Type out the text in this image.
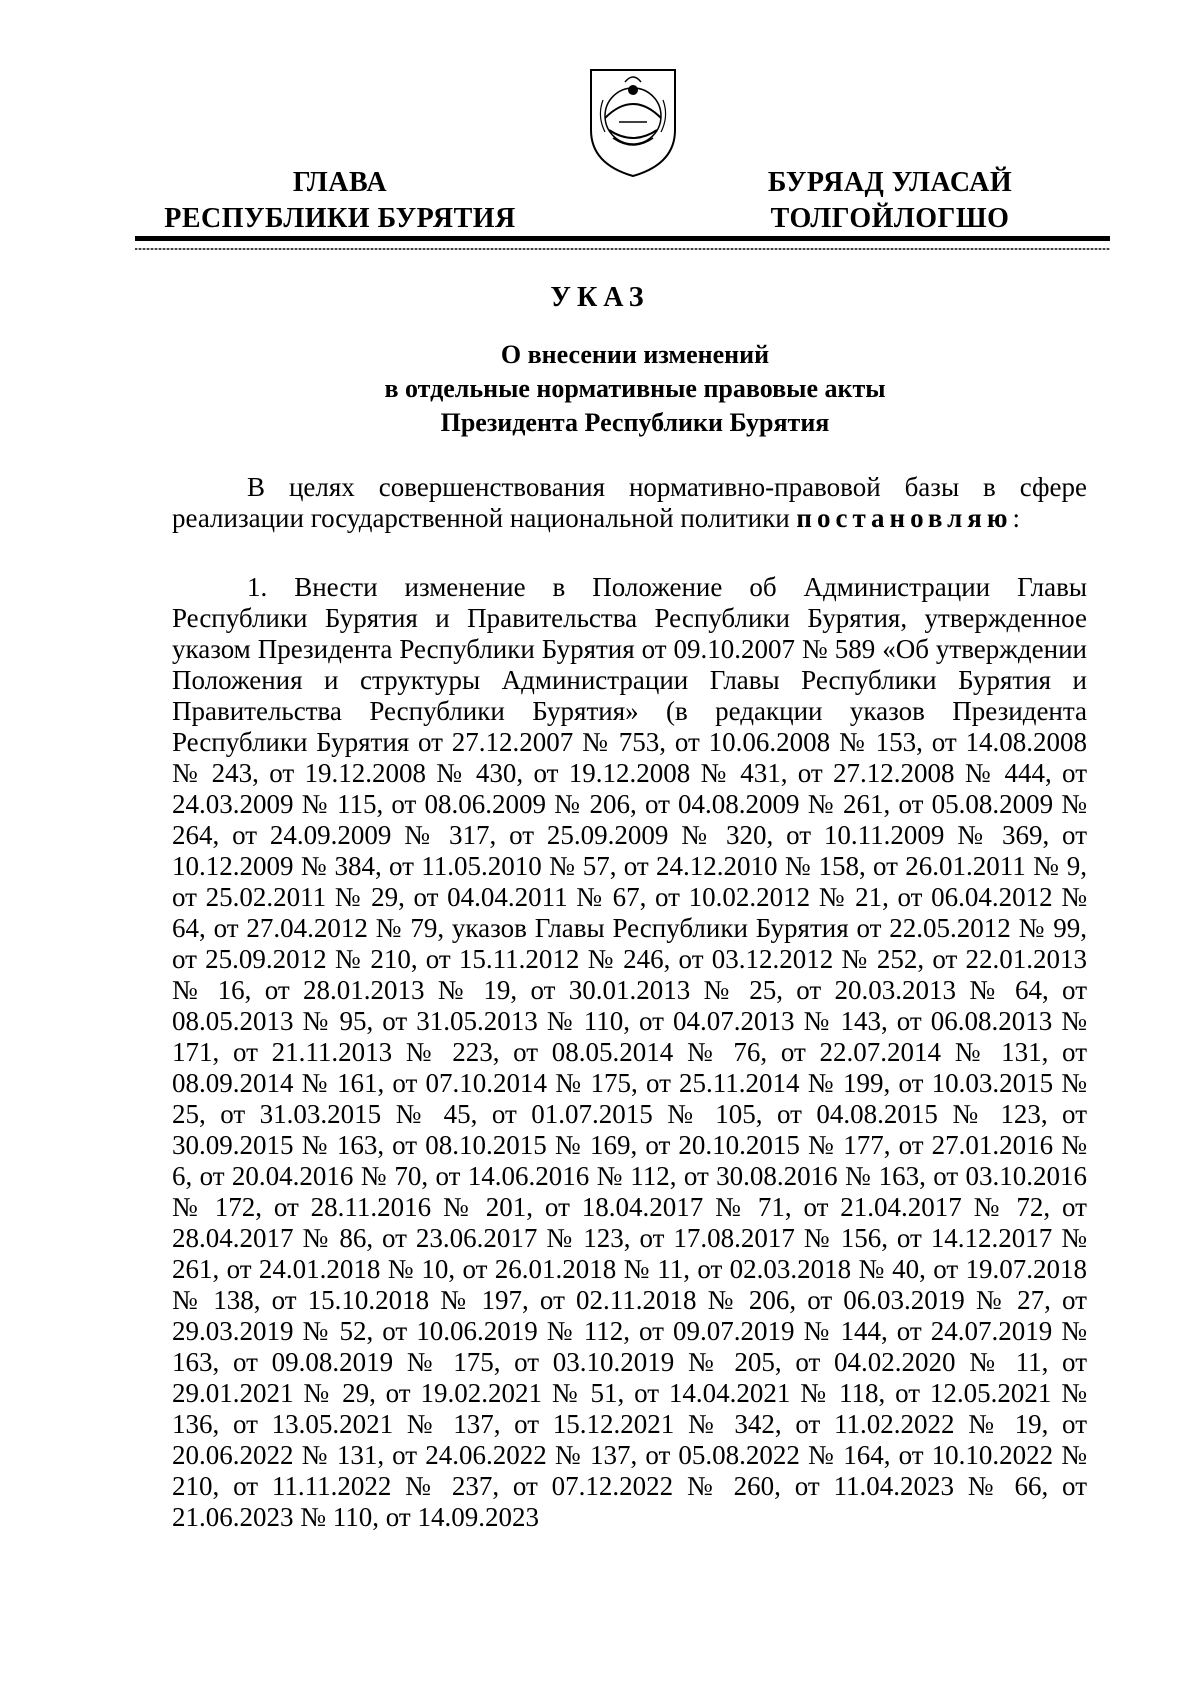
ГЛАВА
РЕСПУБЛИКИ БУРЯТИЯ
БУРЯАД УЛАСАЙ
ТОЛГОЙЛОГШО
УКАЗ
О внесении изменений
в отдельные нормативные правовые акты
Президента Республики Бурятия

В целях совершенствования нормативно-правовой базы в сфере реализации государственной национальной политики постановляю:

1. Внести изменение в Положение об Администрации Главы Республики Бурятия и Правительства Республики Бурятия, утвержденное указом Президента Республики Бурятия от 09.10.2007 № 589 «Об утверждении Положения и структуры Администрации Главы Республики Бурятия и Правительства Республики Бурятия» (в редакции указов Президента Республики Бурятия от 27.12.2007 № 753, от 10.06.2008 № 153, от 14.08.2008 № 243, от 19.12.2008 № 430, от 19.12.2008 № 431, от 27.12.2008 № 444, от 24.03.2009 № 115, от 08.06.2009 № 206, от 04.08.2009 № 261, от 05.08.2009 № 264, от 24.09.2009 № 317, от 25.09.2009 № 320, от 10.11.2009 № 369, от 10.12.2009 № 384, от 11.05.2010 № 57, от 24.12.2010 № 158, от 26.01.2011 № 9, от 25.02.2011 № 29, от 04.04.2011 № 67, от 10.02.2012 № 21, от 06.04.2012 № 64, от 27.04.2012 № 79, указов Главы Республики Бурятия от 22.05.2012 № 99, от 25.09.2012 № 210, от 15.11.2012 № 246, от 03.12.2012 № 252, от 22.01.2013 № 16, от 28.01.2013 № 19, от 30.01.2013 № 25, от 20.03.2013 № 64, от 08.05.2013 № 95, от 31.05.2013 № 110, от 04.07.2013 № 143, от 06.08.2013 № 171, от 21.11.2013 № 223, от 08.05.2014 № 76, от 22.07.2014 № 131, от 08.09.2014 № 161, от 07.10.2014 № 175, от 25.11.2014 № 199, от 10.03.2015 № 25, от 31.03.2015 № 45, от 01.07.2015 № 105, от 04.08.2015 № 123, от 30.09.2015 № 163, от 08.10.2015 № 169, от 20.10.2015 № 177, от 27.01.2016 № 6, от 20.04.2016 № 70, от 14.06.2016 № 112, от 30.08.2016 № 163, от 03.10.2016 № 172, от 28.11.2016 № 201, от 18.04.2017 № 71, от 21.04.2017 № 72, от 28.04.2017 № 86, от 23.06.2017 № 123, от 17.08.2017 № 156, от 14.12.2017 № 261, от 24.01.2018 № 10, от 26.01.2018 № 11, от 02.03.2018 № 40, от 19.07.2018 № 138, от 15.10.2018 № 197, от 02.11.2018 № 206, от 06.03.2019 № 27, от 29.03.2019 № 52, от 10.06.2019 № 112, от 09.07.2019 № 144, от 24.07.2019 № 163, от 09.08.2019 № 175, от 03.10.2019 № 205, от 04.02.2020 № 11, от 29.01.2021 № 29, от 19.02.2021 № 51, от 14.04.2021 № 118, от 12.05.2021 № 136, от 13.05.2021 № 137, от 15.12.2021 № 342, от 11.02.2022 № 19, от 20.06.2022 № 131, от 24.06.2022 № 137, от 05.08.2022 № 164, от 10.10.2022 № 210, от 11.11.2022 № 237, от 07.12.2022 № 260, от 11.04.2023 № 66, от 21.06.2023 № 110, от 14.09.2023
